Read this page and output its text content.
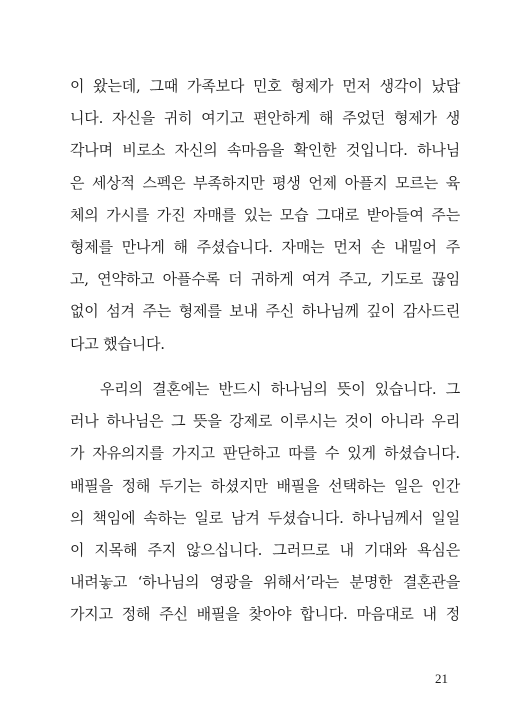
이 왔는데, 그때 가족보다 민호 형제가 먼저 생각이 났답
니다. 자신을 귀히 여기고 편안하게 해 주었던 형제가 생
각나며 비로소 자신의 속마음을 확인한 것입니다. 하나님
은 세상적 스펙은 부족하지만 평생 언제 아플지 모르는 육
체의 가시를 가진 자매를 있는 모습 그대로 받아들여 주는
형제를 만나게 해 주셨습니다. 자매는 먼저 손 내밀어 주
고, 연약하고 아플수록 더 귀하게 여겨 주고, 기도로 끊임
없이 섬겨 주는 형제를 보내 주신 하나님께 깊이 감사드린
다고 했습니다.
우리의 결혼에는 반드시 하나님의 뜻이 있습니다. 그
러나 하나님은 그 뜻을 강제로 이루시는 것이 아니라 우리
가 자유의지를 가지고 판단하고 따를 수 있게 하셨습니다.
배필을 정해 두기는 하셨지만 배필을 선택하는 일은 인간
의 책임에 속하는 일로 남겨 두셨습니다. 하나님께서 일일
이 지목해 주지 않으십니다. 그러므로 내 기대와 욕심은
내려놓고 ‘하나님의 영광을 위해서’라는 분명한 결혼관을
가지고 정해 주신 배필을 찾아야 합니다. 마음대로 내 정
21
